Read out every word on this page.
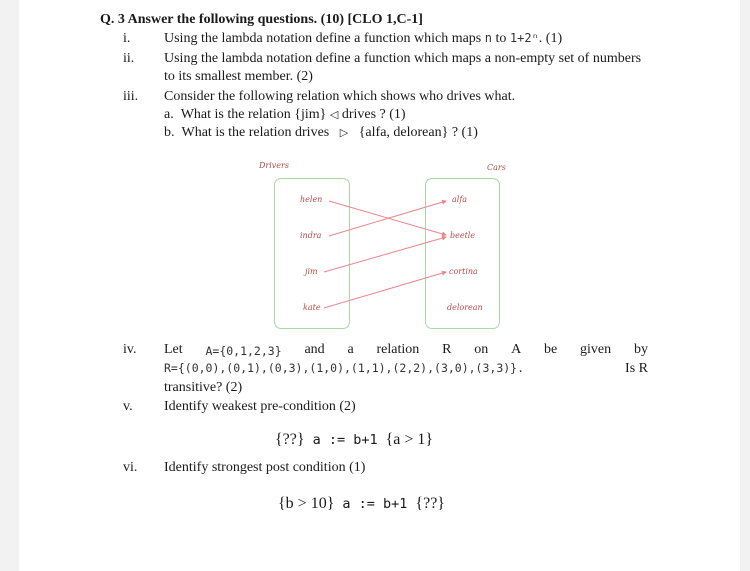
Q. 3 Answer the following questions. (10) [CLO 1,C-1]
i. Using the lambda notation define a function which maps n to 1+2ⁿ. (1)
ii. Using the lambda notation define a function which maps a non-empty set of numbers
to its smallest member. (2)
iii. Consider the following relation which shows who drives what.
a. What is the relation {jim} ◁ drives ? (1)
b. What is the relation drives ▷ {alfa, delorean} ? (1)
Drivers	Cars
helen
indra
jim
kate
alfa
beetle
cortina
delorean
iv. Let A={0,1,2,3} and a relation R on A be given by
R={(0,0),(0,1),(0,3),(1,0),(1,1),(2,2),(3,0),(3,3)}.	Is R
transitive? (2)
v. Identify weakest pre-condition (2)
{??} a := b+1 {a > 1}
vi. Identify strongest post condition (1)
{b > 10} a := b+1 {??}
